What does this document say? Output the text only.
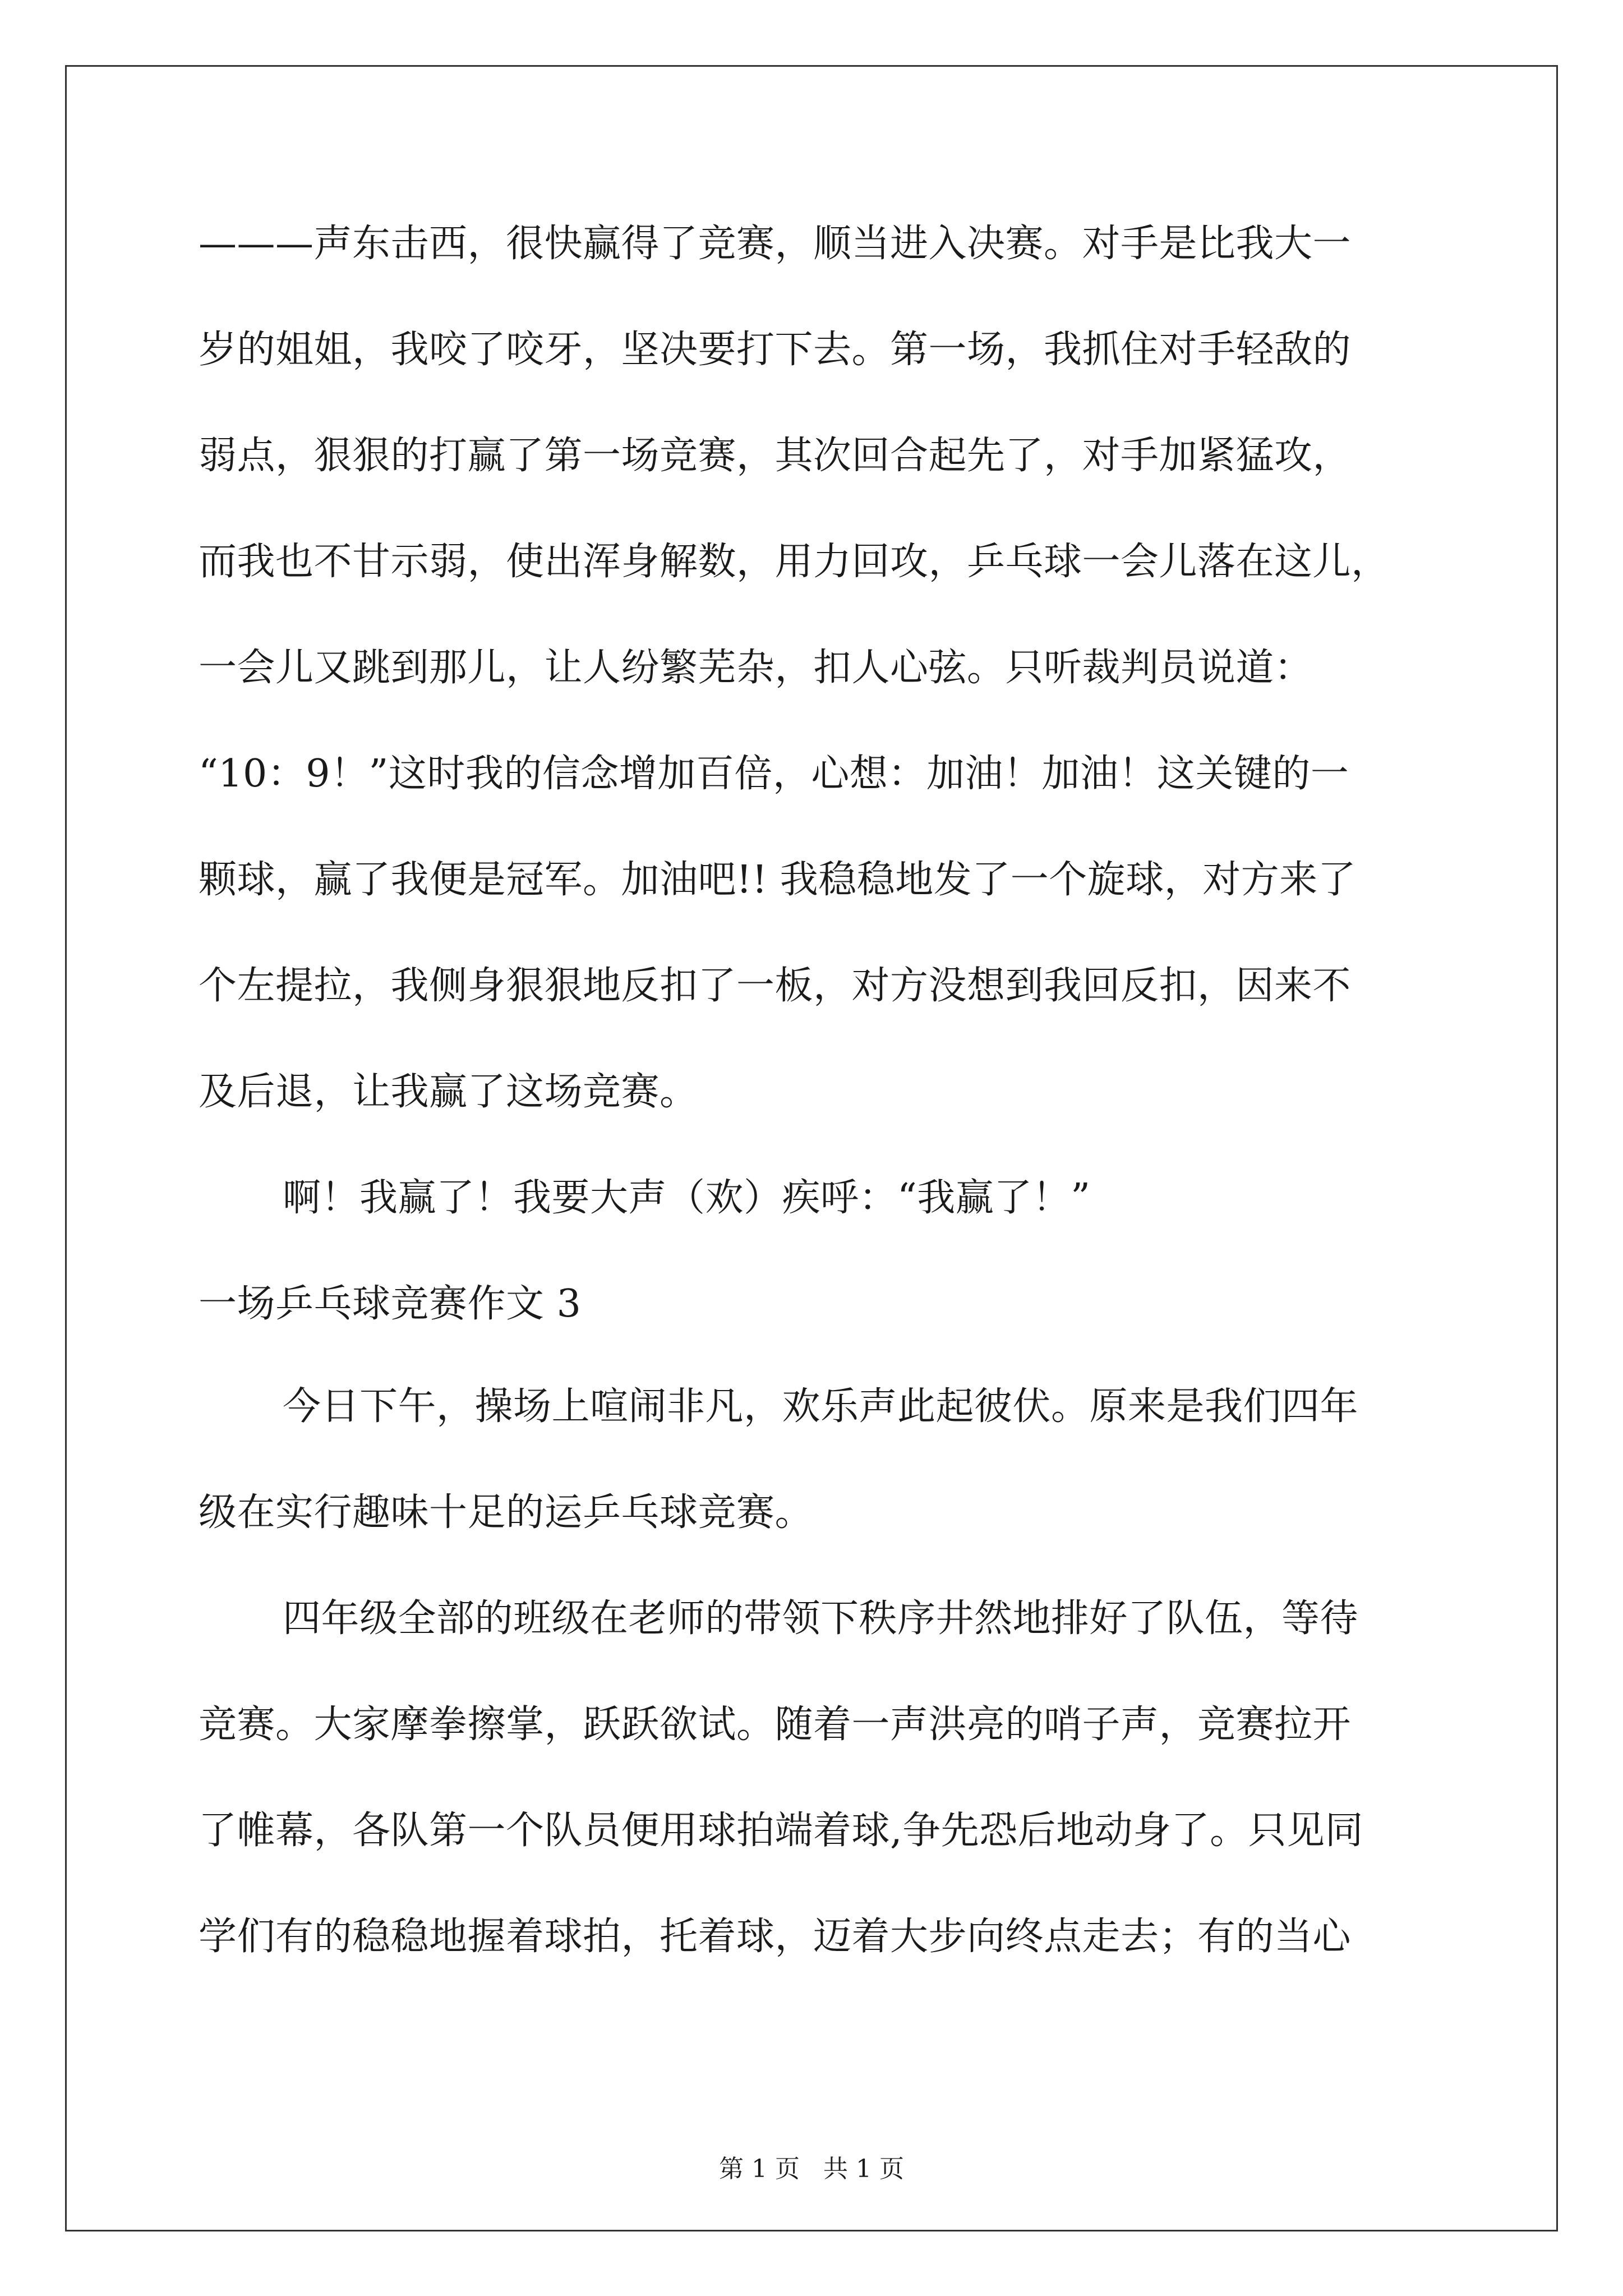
———声东击西，很快赢得了竞赛，顺当进入决赛。对手是比我大一
岁的姐姐，我咬了咬牙，坚决要打下去。第一场，我抓住对手轻敌的
弱点，狠狠的打赢了第一场竞赛，其次回合起先了，对手加紧猛攻，
而我也不甘示弱，使出浑身解数，用力回攻，乒乓球一会儿落在这儿，
一会儿又跳到那儿，让人纷繁芜杂，扣人心弦。只听裁判员说道：
“10：9！”这时我的信念增加百倍，心想：加油！加油！这关键的一
颗球，赢了我便是冠军。加油吧!! 我稳稳地发了一个旋球，对方来了
个左提拉，我侧身狠狠地反扣了一板，对方没想到我回反扣，因来不
及后退，让我赢了这场竞赛。
啊！我赢了！我要大声（欢）疾呼：“我赢了！”
一场乒乓球竞赛作文 3
今日下午，操场上喧闹非凡，欢乐声此起彼伏。原来是我们四年
级在实行趣味十足的运乒乓球竞赛。
四年级全部的班级在老师的带领下秩序井然地排好了队伍，等待
竞赛。大家摩拳擦掌，跃跃欲试。随着一声洪亮的哨子声，竞赛拉开
了帷幕，各队第一个队员便用球拍端着球,争先恐后地动身了。只见同
学们有的稳稳地握着球拍，托着球，迈着大步向终点走去；有的当心
第 1 页 共 1 页
